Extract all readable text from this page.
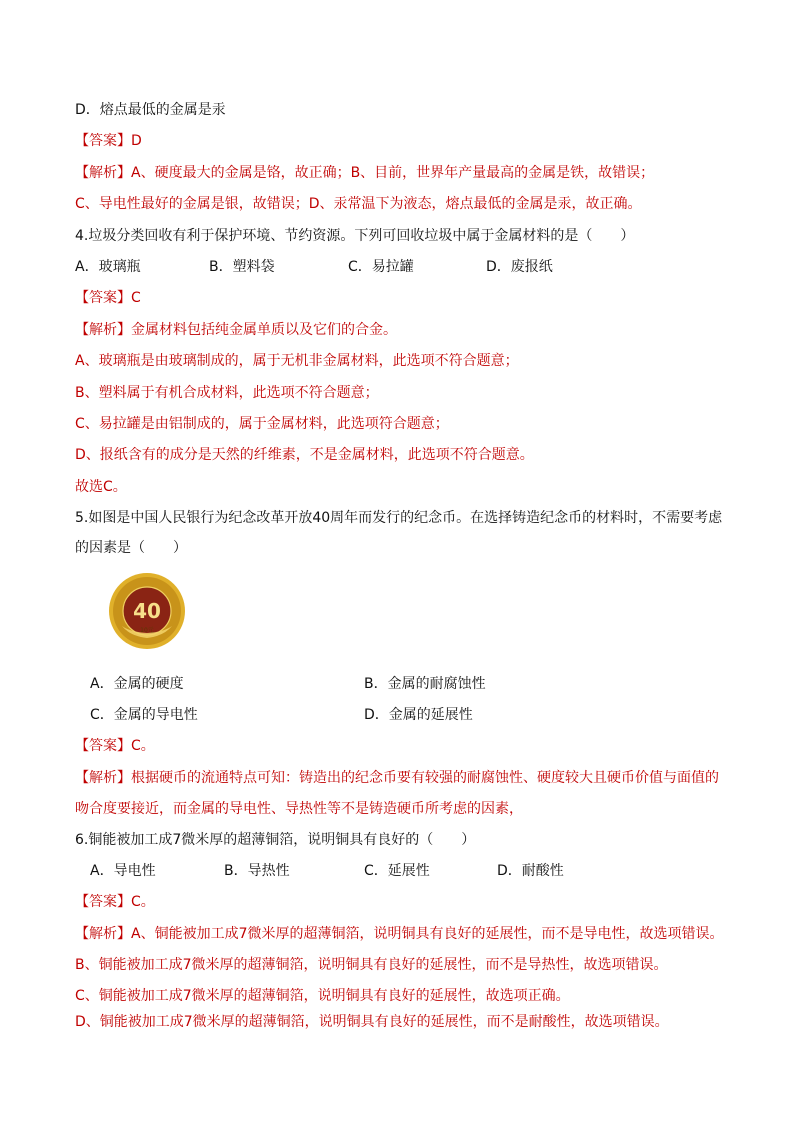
D．熔点最低的金属是汞
【答案】D
【解析】A、硬度最大的金属是铬，故正确；B、目前，世界年产量最高的金属是铁，故错误；
C、导电性最好的金属是银，故错误；D、汞常温下为液态，熔点最低的金属是汞，故正确。
4.垃圾分类回收有利于保护环境、节约资源。下列可回收垃圾中属于金属材料的是（　　）
A．玻璃瓶	B．塑料袋	C．易拉罐	D．废报纸
【答案】C
【解析】金属材料包括纯金属单质以及它们的合金。
A、玻璃瓶是由玻璃制成的，属于无机非金属材料，此选项不符合题意；
B、塑料属于有机合成材料，此选项不符合题意；
C、易拉罐是由铝制成的，属于金属材料，此选项符合题意；
D、报纸含有的成分是天然的纤维素，不是金属材料，此选项不符合题意。
故选C。
5.如图是中国人民银行为纪念改革开放40周年而发行的纪念币。在选择铸造纪念币的材料时，不需要考虑
的因素是（　　）
40
10元
A．金属的硬度	B．金属的耐腐蚀性
C．金属的导电性	D．金属的延展性
【答案】C。
【解析】根据硬币的流通特点可知：铸造出的纪念币要有较强的耐腐蚀性、硬度较大且硬币价值与面值的
吻合度要接近，而金属的导电性、导热性等不是铸造硬币所考虑的因素，
6.铜能被加工成7微米厚的超薄铜箔，说明铜具有良好的（　　）
A．导电性	B．导热性	C．延展性	D．耐酸性
【答案】C。
【解析】A、铜能被加工成7微米厚的超薄铜箔，说明铜具有良好的延展性，而不是导电性，故选项错误。
B、铜能被加工成7微米厚的超薄铜箔，说明铜具有良好的延展性，而不是导热性，故选项错误。
C、铜能被加工成7微米厚的超薄铜箔，说明铜具有良好的延展性，故选项正确。
D、铜能被加工成7微米厚的超薄铜箔，说明铜具有良好的延展性，而不是耐酸性，故选项错误。
